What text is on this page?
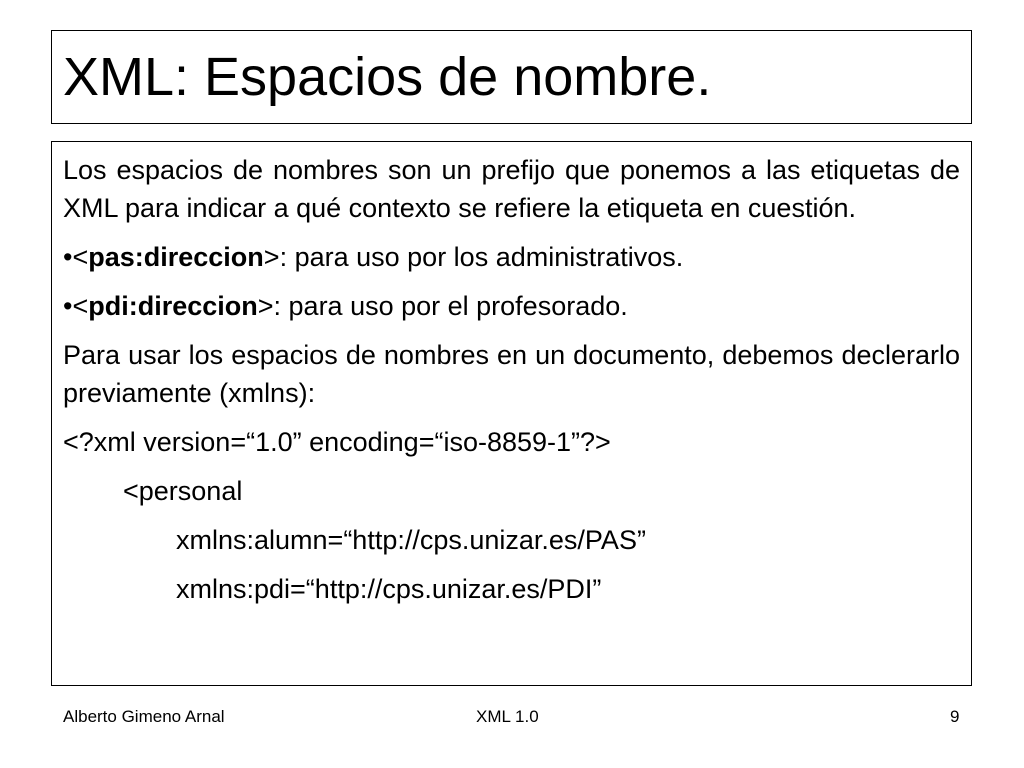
XML: Espacios de nombre.

Los espacios de nombres son un prefijo que ponemos a las etiquetas de XML para indicar a qué contexto se refiere la etiqueta en cuestión.

•<pas:direccion>: para uso por los administrativos.

•<pdi:direccion>: para uso por el profesorado.

Para usar los espacios de nombres en un documento, debemos declerarlo previamente (xmlns):

<?xml version=“1.0” encoding=“iso-8859-1”?>

<personal

xmlns:alumn=“http://cps.unizar.es/PAS”

xmlns:pdi=“http://cps.unizar.es/PDI”

Alberto Gimeno Arnal	XML 1.0	9
